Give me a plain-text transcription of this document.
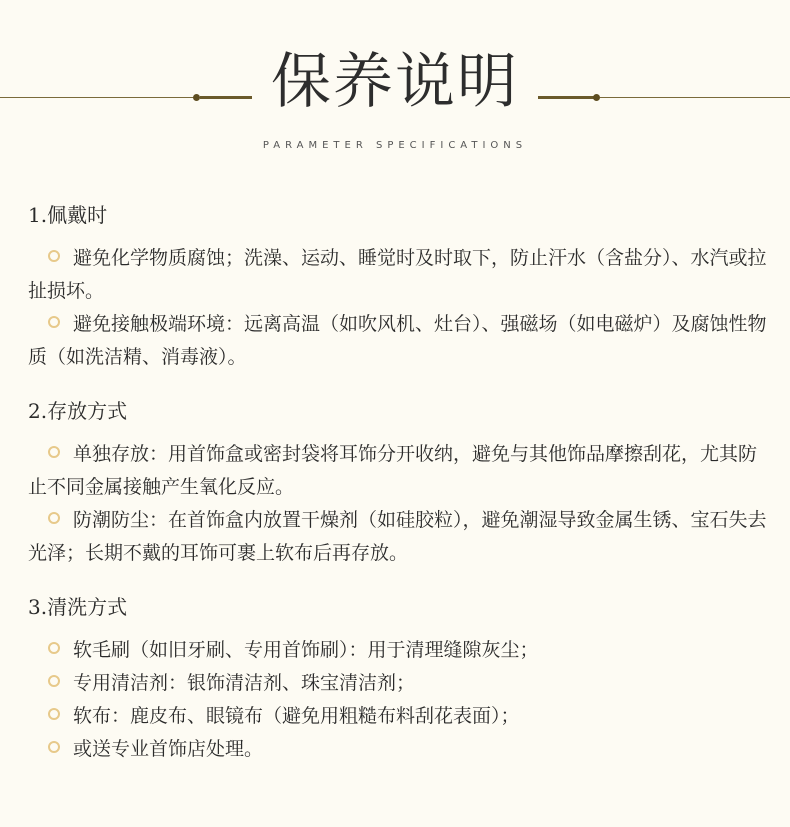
保养说明
PARAMETER SPECIFICATIONS
1.佩戴时
避免化学物质腐蚀；洗澡、运动、睡觉时及时取下，防止汗水（含盐分）、水汽或拉扯损坏。
避免接触极端环境：远离高温（如吹风机、灶台）、强磁场（如电磁炉）及腐蚀性物质（如洗洁精、消毒液）。
2.存放方式
单独存放：用首饰盒或密封袋将耳饰分开收纳，避免与其他饰品摩擦刮花，尤其防止不同金属接触产生氧化反应。
防潮防尘：在首饰盒内放置干燥剂（如硅胶粒），避免潮湿导致金属生锈、宝石失去光泽；长期不戴的耳饰可裹上软布后再存放。
3.清洗方式
软毛刷（如旧牙刷、专用首饰刷）：用于清理缝隙灰尘；
专用清洁剂：银饰清洁剂、珠宝清洁剂；
软布：鹿皮布、眼镜布（避免用粗糙布料刮花表面）；
或送专业首饰店处理。
